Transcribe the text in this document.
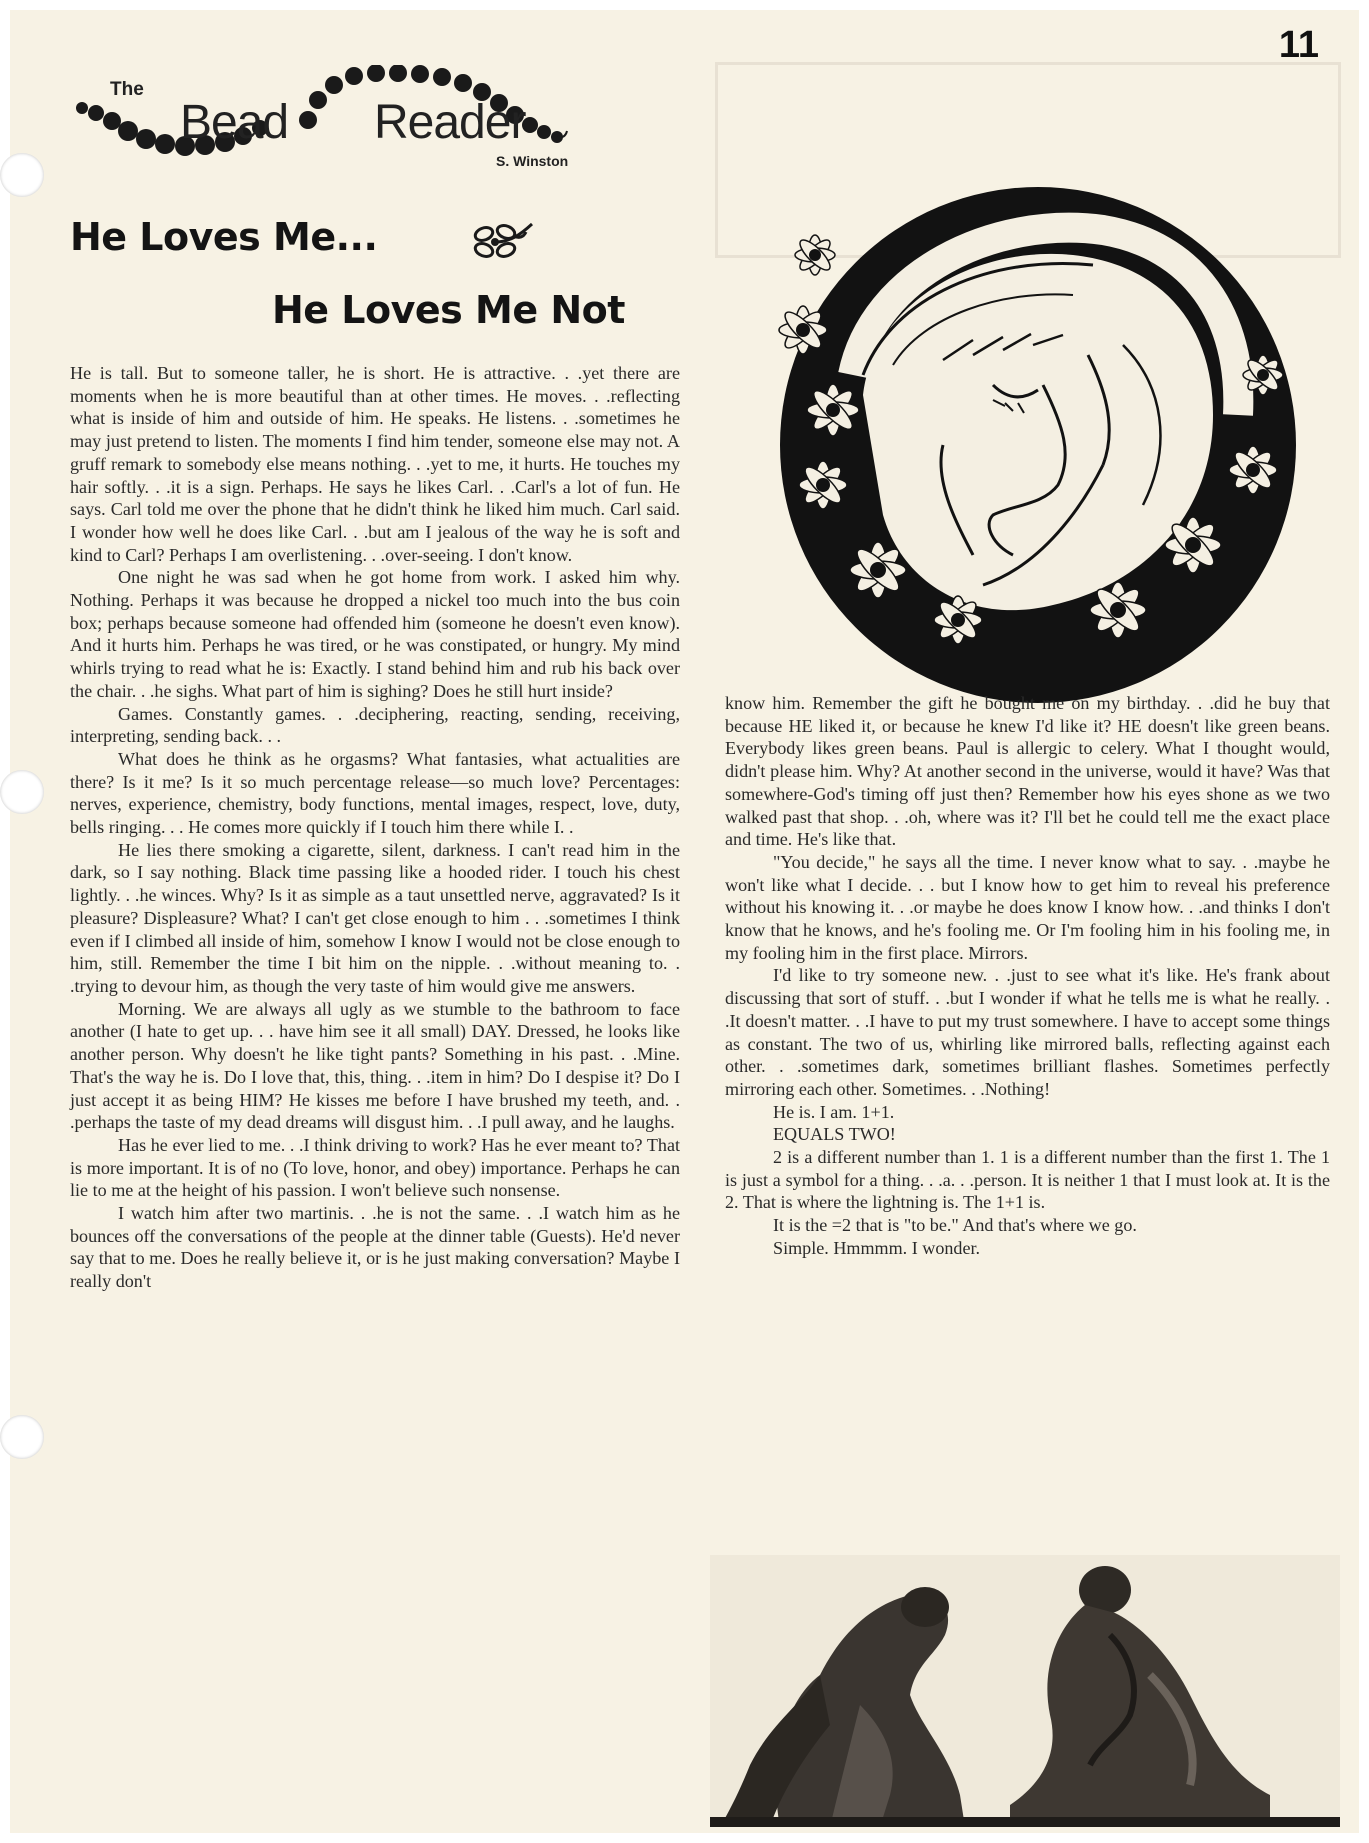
11
The
Bead Reader
S. Winston
He Loves Me...
He Loves Me Not

He is tall. But to someone taller, he is short. He is attractive. . .yet there are moments when he is more beautiful than at other times. He moves. . .reflecting what is inside of him and outside of him. He speaks. He listens. . .sometimes he may just pretend to listen. The moments I find him tender, someone else may not. A gruff remark to somebody else means nothing. . .yet to me, it hurts. He touches my hair softly. . .it is a sign. Perhaps. He says he likes Carl. . .Carl's a lot of fun. He says. Carl told me over the phone that he didn't think he liked him much. Carl said. I wonder how well he does like Carl. . .but am I jealous of the way he is soft and kind to Carl? Perhaps I am overlistening. . .over-seeing. I don't know.

One night he was sad when he got home from work. I asked him why. Nothing. Perhaps it was because he dropped a nickel too much into the bus coin box; perhaps because someone had offended him (someone he doesn't even know). And it hurts him. Perhaps he was tired, or he was constipated, or hungry. My mind whirls trying to read what he is: Exactly. I stand behind him and rub his back over the chair. . .he sighs. What part of him is sighing? Does he still hurt inside?

Games. Constantly games. . .deciphering, reacting, sending, receiving, interpreting, sending back. . .

What does he think as he orgasms? What fantasies, what actualities are there? Is it me? Is it so much percentage release—so much love? Percentages: nerves, experience, chemistry, body functions, mental images, respect, love, duty, bells ringing. . . He comes more quickly if I touch him there while I. .

He lies there smoking a cigarette, silent, darkness. I can't read him in the dark, so I say nothing. Black time passing like a hooded rider. I touch his chest lightly. . .he winces. Why? Is it as simple as a taut unsettled nerve, aggravated? Is it pleasure? Displeasure? What? I can't get close enough to him . . .sometimes I think even if I climbed all inside of him, somehow I know I would not be close enough to him, still. Remember the time I bit him on the nipple. . .without meaning to. . .trying to devour him, as though the very taste of him would give me answers.

Morning. We are always all ugly as we stumble to the bathroom to face another (I hate to get up. . . have him see it all small) DAY. Dressed, he looks like another person. Why doesn't he like tight pants? Something in his past. . .Mine. That's the way he is. Do I love that, this, thing. . .item in him? Do I despise it? Do I just accept it as being HIM? He kisses me before I have brushed my teeth, and. . .perhaps the taste of my dead dreams will disgust him. . .I pull away, and he laughs.

Has he ever lied to me. . .I think driving to work? Has he ever meant to? That is more important. It is of no (To love, honor, and obey) importance. Perhaps he can lie to me at the height of his passion. I won't believe such nonsense.

I watch him after two martinis. . .he is not the same. . .I watch him as he bounces off the conversations of the people at the dinner table (Guests). He'd never say that to me. Does he really believe it, or is he just making conversation? Maybe I really don't

know him. Remember the gift he bought me on my birthday. . .did he buy that because HE liked it, or because he knew I'd like it? HE doesn't like green beans. Everybody likes green beans. Paul is allergic to celery. What I thought would, didn't please him. Why? At another second in the universe, would it have? Was that somewhere-God's timing off just then? Remember how his eyes shone as we two walked past that shop. . .oh, where was it? I'll bet he could tell me the exact place and time. He's like that.

"You decide," he says all the time. I never know what to say. . .maybe he won't like what I decide. . . but I know how to get him to reveal his preference without his knowing it. . .or maybe he does know I know how. . .and thinks I don't know that he knows, and he's fooling me. Or I'm fooling him in his fooling me, in my fooling him in the first place. Mirrors.

I'd like to try someone new. . .just to see what it's like. He's frank about discussing that sort of stuff. . .but I wonder if what he tells me is what he really. . .It doesn't matter. . .I have to put my trust somewhere. I have to accept some things as constant. The two of us, whirling like mirrored balls, reflecting against each other. . .sometimes dark, sometimes brilliant flashes. Sometimes perfectly mirroring each other. Sometimes. . .Nothing!

He is. I am. 1+1.

EQUALS TWO!

2 is a different number than 1. 1 is a different number than the first 1. The 1 is just a symbol for a thing. . .a. . .person. It is neither 1 that I must look at. It is the 2. That is where the lightning is. The 1+1 is.

It is the =2 that is "to be." And that's where we go.

Simple. Hmmmm. I wonder.
